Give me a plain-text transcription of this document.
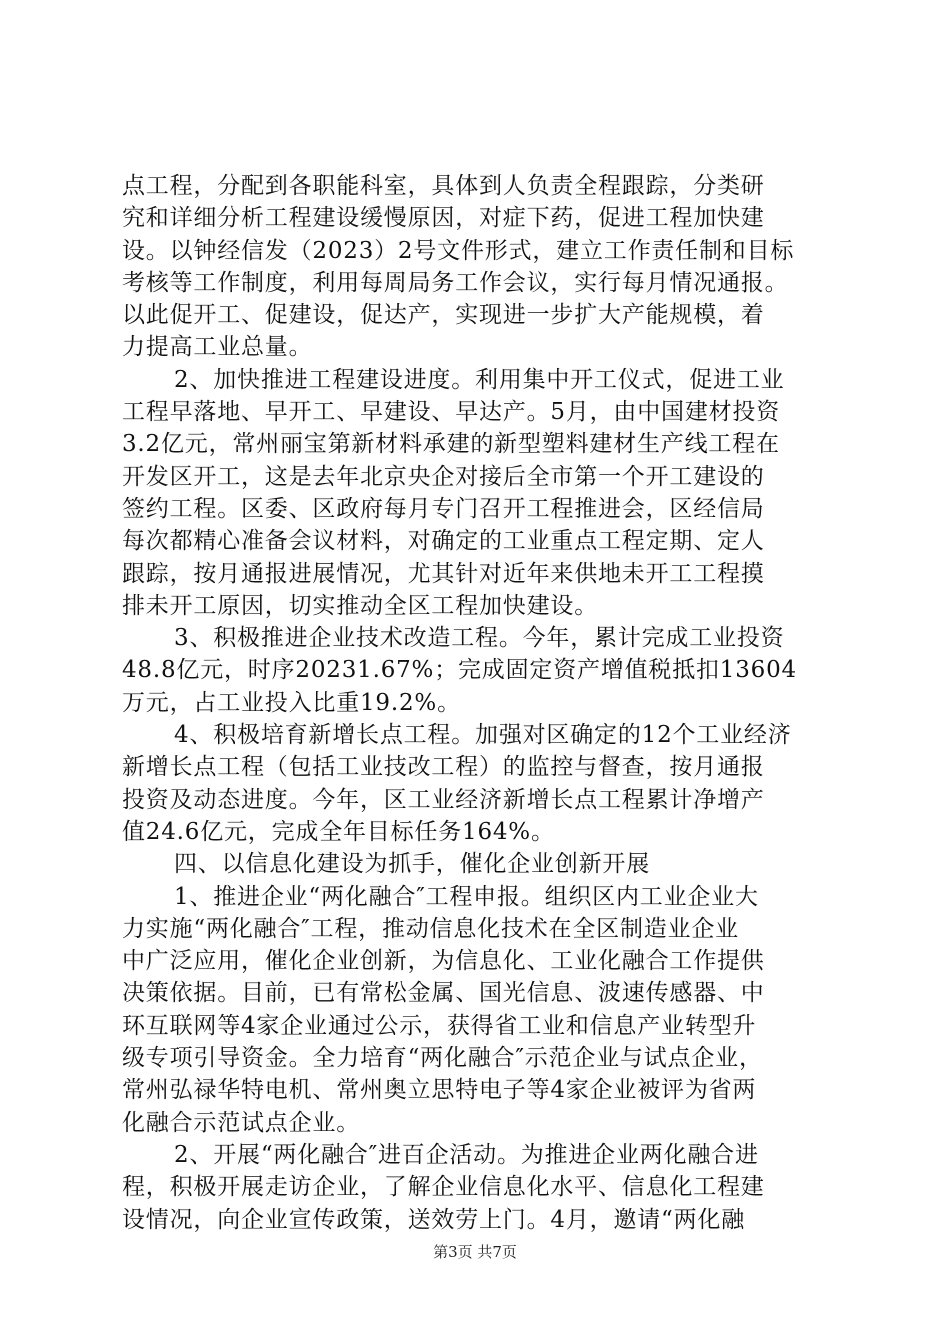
点工程，分配到各职能科室，具体到人负责全程跟踪，分类研
究和详细分析工程建设缓慢原因，对症下药，促进工程加快建
设。以钟经信发（2023）2号文件形式，建立工作责任制和目标
考核等工作制度，利用每周局务工作会议，实行每月情况通报。
以此促开工、促建设，促达产，实现进一步扩大产能规模，着
力提高工业总量。
2、加快推进工程建设进度。利用集中开工仪式，促进工业
工程早落地、早开工、早建设、早达产。5月，由中国建材投资
3.2亿元，常州丽宝第新材料承建的新型塑料建材生产线工程在
开发区开工，这是去年北京央企对接后全市第一个开工建设的
签约工程。区委、区政府每月专门召开工程推进会，区经信局
每次都精心准备会议材料，对确定的工业重点工程定期、定人
跟踪，按月通报进展情况，尤其针对近年来供地未开工工程摸
排未开工原因，切实推动全区工程加快建设。
3、积极推进企业技术改造工程。今年，累计完成工业投资
48.8亿元，时序20231.67%；完成固定资产增值税抵扣13604
万元，占工业投入比重19.2%。
4、积极培育新增长点工程。加强对区确定的12个工业经济
新增长点工程（包括工业技改工程）的监控与督查，按月通报
投资及动态进度。今年，区工业经济新增长点工程累计净增产
值24.6亿元，完成全年目标任务164%。
四、以信息化建设为抓手，催化企业创新开展
1、推进企业“两化融合″工程申报。组织区内工业企业大
力实施“两化融合″工程，推动信息化技术在全区制造业企业
中广泛应用，催化企业创新，为信息化、工业化融合工作提供
决策依据。目前，已有常松金属、国光信息、波速传感器、中
环互联网等4家企业通过公示，获得省工业和信息产业转型升
级专项引导资金。全力培育“两化融合″示范企业与试点企业，
常州弘禄华特电机、常州奥立思特电子等4家企业被评为省两
化融合示范试点企业。
2、开展“两化融合″进百企活动。为推进企业两化融合进
程，积极开展走访企业，了解企业信息化水平、信息化工程建
设情况，向企业宣传政策，送效劳上门。4月，邀请“两化融
第3页 共7页
